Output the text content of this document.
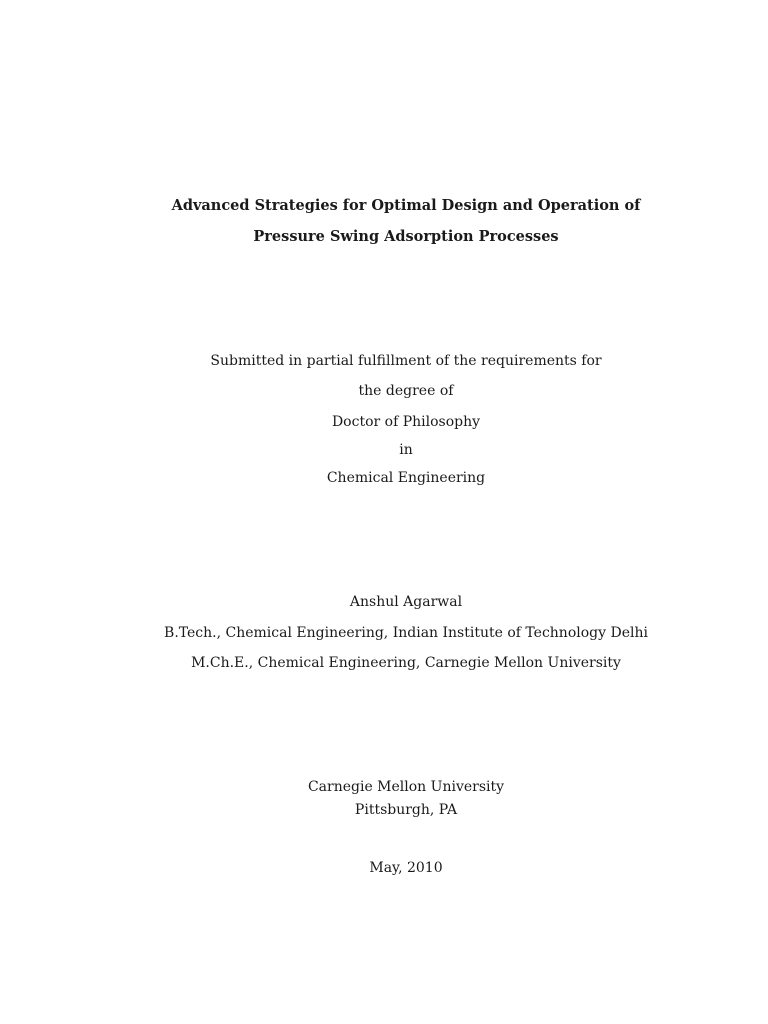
Advanced Strategies for Optimal Design and Operation of
Pressure Swing Adsorption Processes
Submitted in partial fulfillment of the requirements for
the degree of
Doctor of Philosophy
in
Chemical Engineering
Anshul Agarwal
B.Tech., Chemical Engineering, Indian Institute of Technology Delhi
M.Ch.E., Chemical Engineering, Carnegie Mellon University
Carnegie Mellon University
Pittsburgh, PA
May, 2010
